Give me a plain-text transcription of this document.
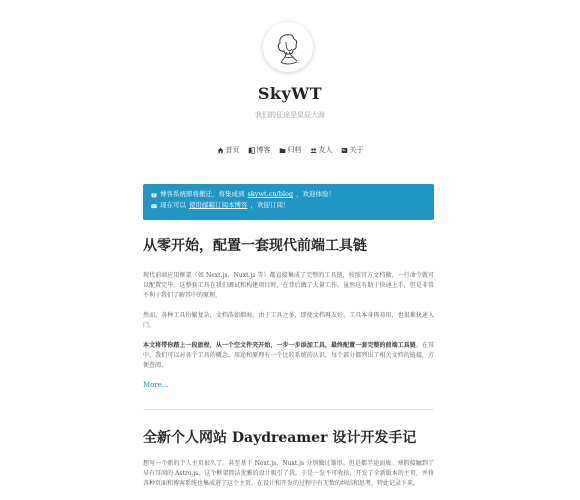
SkyWT
我们的征途是星辰大海
首页 博客 归档 友人 关于
博客系统即将搬迁，将集成到 skywt.cn/blog ，欢迎体验！
现在可以 使用邮箱订阅本博客 ，欢迎订阅！
从零开始，配置一套现代前端工具链

现代前端应用框架（如 Next.js、Nuxt.js 等）都直接集成了完整的工具链，按照官方文档做，一行命令就可以配置完毕。这整套工具在我们调试和构建项目时，在背后做了大量工作。虽然这有助于快速上手，但是非常不利于我们了解其中的原理。

然而，各种工具纷繁复杂，文档浩如烟海。由于工具之多，即使文档再友好，工具本身再易用，也很难快速入门。

本文将带你踏上一段旅程，从一个空文件夹开始，一步一步添加工具，最终配置一套完整的前端工具链。在其中，我们可以对各个工具的概念、用途和原理有一个比较系统的认识，每个部分都列出了相关文档的链接，方便查阅。

More...
全新个人网站 Daydreamer 设计开发手记

想写一个新的个人主页很久了。甚至基于 Next.js、Nuxt.js 分别做过雏形。但是都半途而废。寒假接触到了早有耳闻的 Astro.js。这个框架简洁优雅的设计吸引了我。于是一发不可收拾，开发了全新版本的主页，并将各种页面和博客系统也集成进了这个主页。在设计和开发的过程中有无数的纠结和思考，特此记录下来。
